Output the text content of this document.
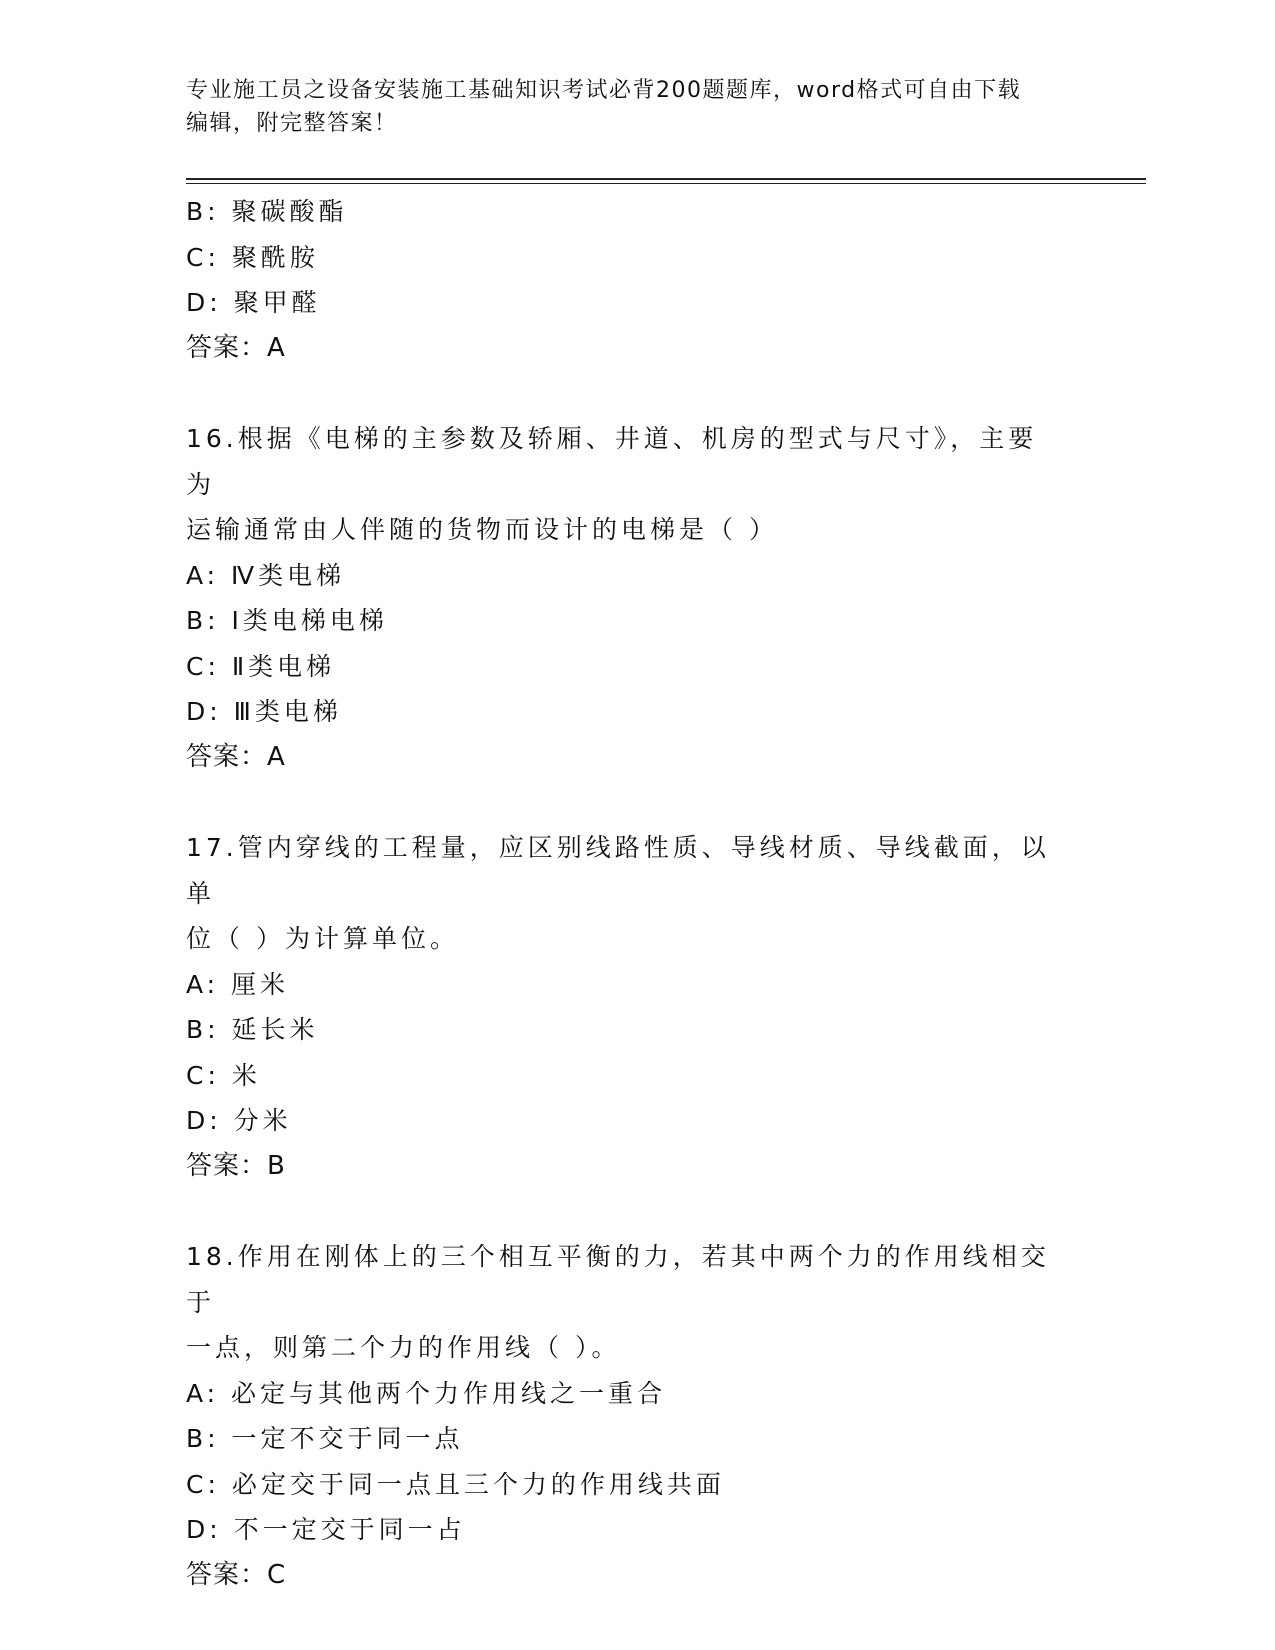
专业施工员之设备安装施工基础知识考试必背200题题库，word格式可自由下载
编辑，附完整答案！
B: 聚碳酸酯
C: 聚酰胺
D: 聚甲醛
答案：A
16.根据《电梯的主参数及轿厢、井道、机房的型式与尺寸》，主要为
运输通常由人伴随的货物而设计的电梯是（ ）
A: Ⅳ类电梯
B: Ⅰ类电梯电梯
C: Ⅱ类电梯
D: Ⅲ类电梯
答案：A
17.管内穿线的工程量，应区别线路性质、导线材质、导线截面，以单
位（ ）为计算单位。
A: 厘米
B: 延长米
C: 米
D: 分米
答案：B
18.作用在刚体上的三个相互平衡的力，若其中两个力的作用线相交于
一点，则第二个力的作用线（ ）。
A: 必定与其他两个力作用线之一重合
B: 一定不交于同一点
C: 必定交于同一点且三个力的作用线共面
D: 不一定交于同一占
答案：C
